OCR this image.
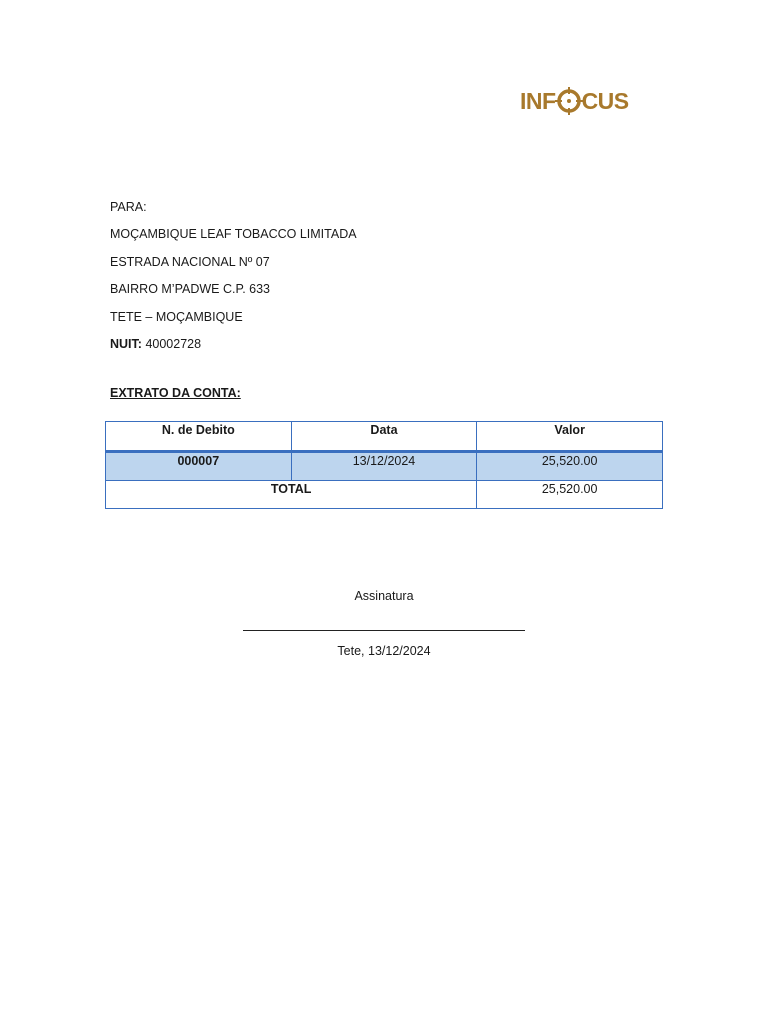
INF CUS
PARA:
MOÇAMBIQUE LEAF TOBACCO LIMITADA
ESTRADA NACIONAL Nº 07
BAIRRO M’PADWE C.P. 633
TETE – MOÇAMBIQUE
NUIT: 40002728
EXTRATO DA CONTA:
N. de Debito	Data	Valor
000007	13/12/2024	25,520.00
TOTAL		25,520.00
Assinatura
Tete, 13/12/2024
